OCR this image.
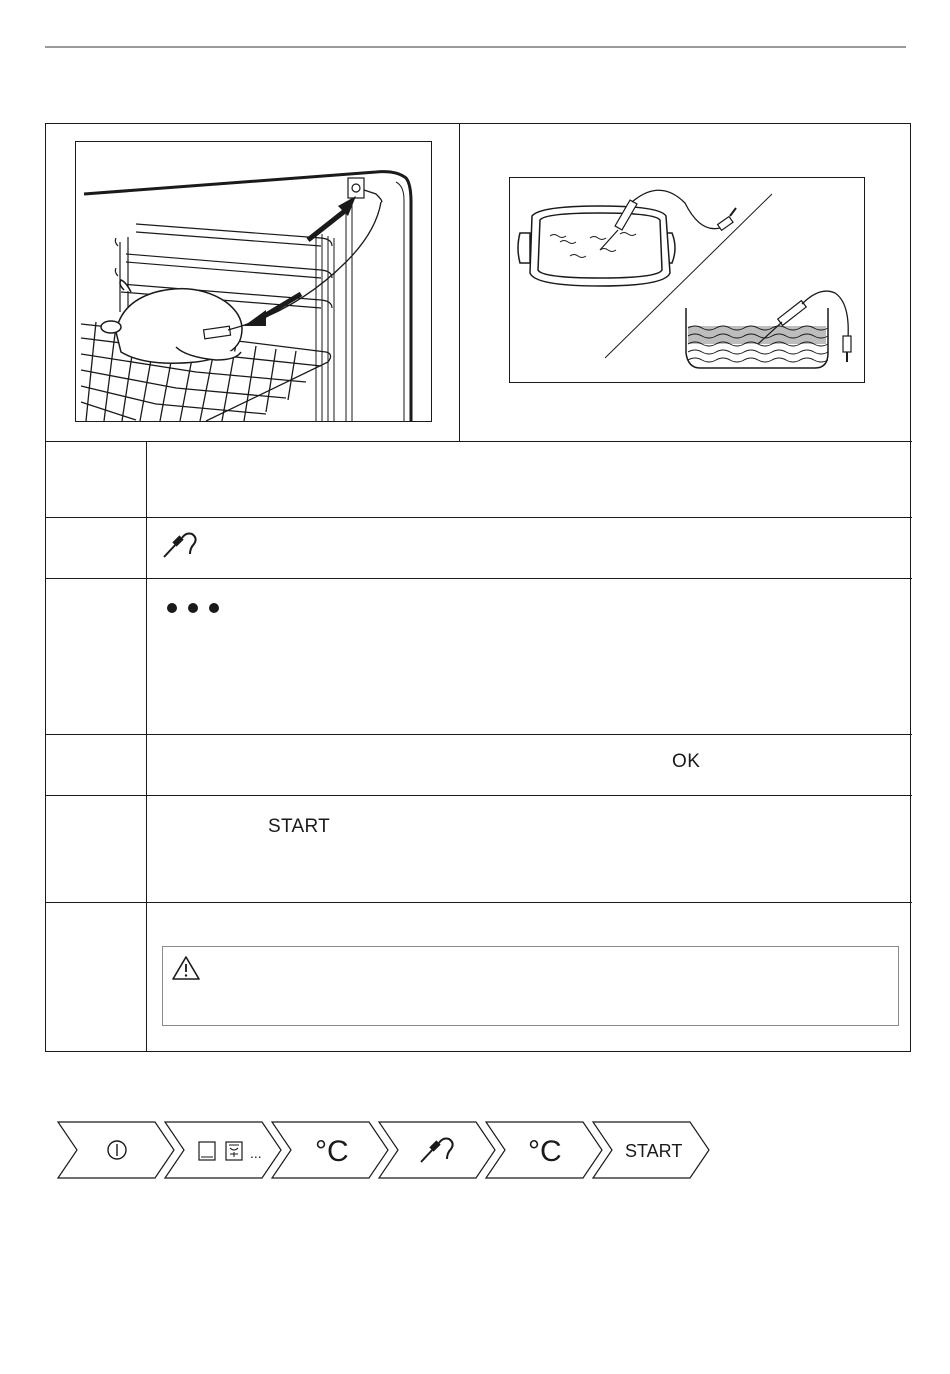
OK
START
... °C	°C	START
